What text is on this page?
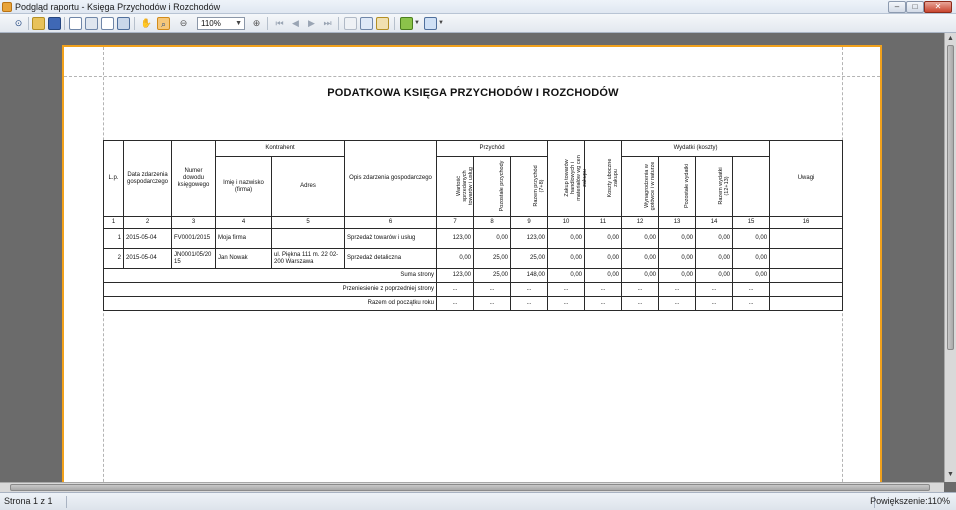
Podgląd raportu - Księga Przychodów i Rozchodów	–	□	✕
⊙	✋ ⌕	⊖	110% ▼	⊕	⏮ ◀	▶ ⏭	▼	▼
PODATKOWA KSIĘGA PRZYCHODÓW I ROZCHODÓW
L.p.	Data zdarzenia gospodarczego	Numer dowodu księgowego	Kontrahent		Opis zdarzenia gospodarczego	Przychód			Zakup towarów handlowych i materiałów wg cen zakupu	Koszty uboczne zakupu	Wydatki (koszty)				Uwagi
			Imię i nazwisko (firma)	Adres		Wartość sprzedanych towarów i usług	Pozostałe przychody	Razem przychód (7+8)			Wynagrodzenia w gotówce i w naturze	Pozostałe wydatki	Razem wydatki (12+13)		
1	2	3	4	5	6	7	8	9	10	11	12	13	14	15	16
1	2015-05-04	FV0001/2015	Moja firma		Sprzedaż towarów i usług	123,00	0,00	123,00	0,00	0,00	0,00	0,00	0,00	0,00	
2	2015-05-04	JN0001/05/2015	Jan Nowak	ul. Piękna 111 m. 22 02-200 Warszawa	Sprzedaż detaliczna	0,00	25,00	25,00	0,00	0,00	0,00	0,00	0,00	0,00	
Suma strony						123,00	25,00	148,00	0,00	0,00	0,00	0,00	0,00	0,00	
Przeniesienie z poprzedniej strony						...	...	...	...	...	...	...	...	...	
Razem od początku roku						...	...	...	...	...	...	...	...	...	
▲
▼
Strona 1 z 1	Powiększenie:110%
